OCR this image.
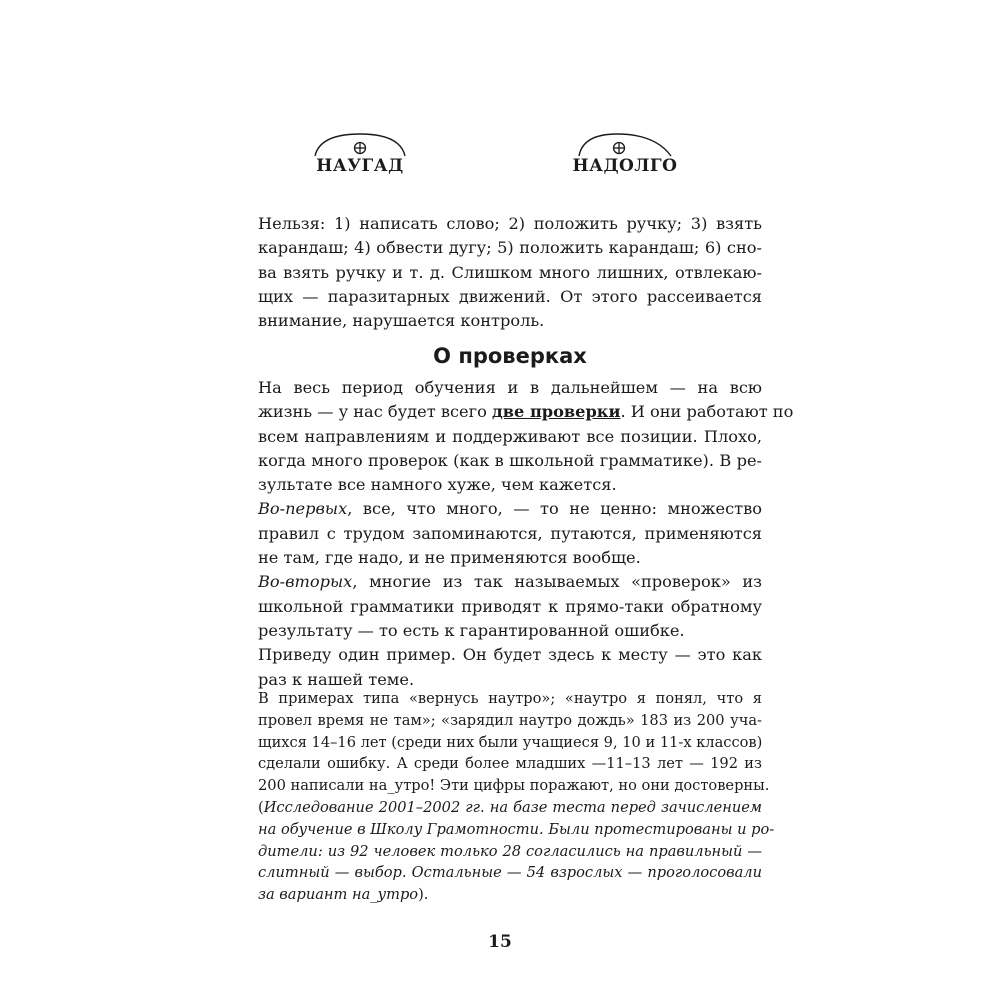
НАУГАД	НАДОЛГО
Нельзя: 1) написать слово; 2) положить ручку; 3) взять
карандаш; 4) обвести дугу; 5) положить карандаш; 6) сно-
ва взять ручку и т. д. Слишком много лишних, отвлекаю-
щих — паразитарных движений. От этого рассеивается
внимание, нарушается контроль.
О проверках
На весь период обучения и в дальнейшем — на всю
жизнь — у нас будет всего две проверки. И они работают по
всем направлениям и поддерживают все позиции. Плохо,
когда много проверок (как в школьной грамматике). В ре-
зультате все намного хуже, чем кажется.
Во-первых, все, что много, — то не ценно: множество
правил с трудом запоминаются, путаются, применяются
не там, где надо, и не применяются вообще.
Во-вторых, многие из так называемых «проверок» из
школьной грамматики приводят к прямо-таки обратному
результату — то есть к гарантированной ошибке.
Приведу один пример. Он будет здесь к месту — это как
раз к нашей теме.
В примерах типа «вернусь наутро»; «наутро я понял, что я
провел время не там»; «зарядил наутро дождь» 183 из 200 уча-
щихся 14–16 лет (среди них были учащиеся 9, 10 и 11-х классов)
сделали ошибку. А среди более младших —11–13 лет — 192 из
200 написали на_утро! Эти цифры поражают, но они достоверны.
(Исследование 2001–2002 гг. на базе теста перед зачислением
на обучение в Школу Грамотности. Были протестированы и ро-
дители: из 92 человек только 28 согласились на правильный —
слитный — выбор. Остальные — 54 взрослых — проголосовали
за вариант на_утро).
15
